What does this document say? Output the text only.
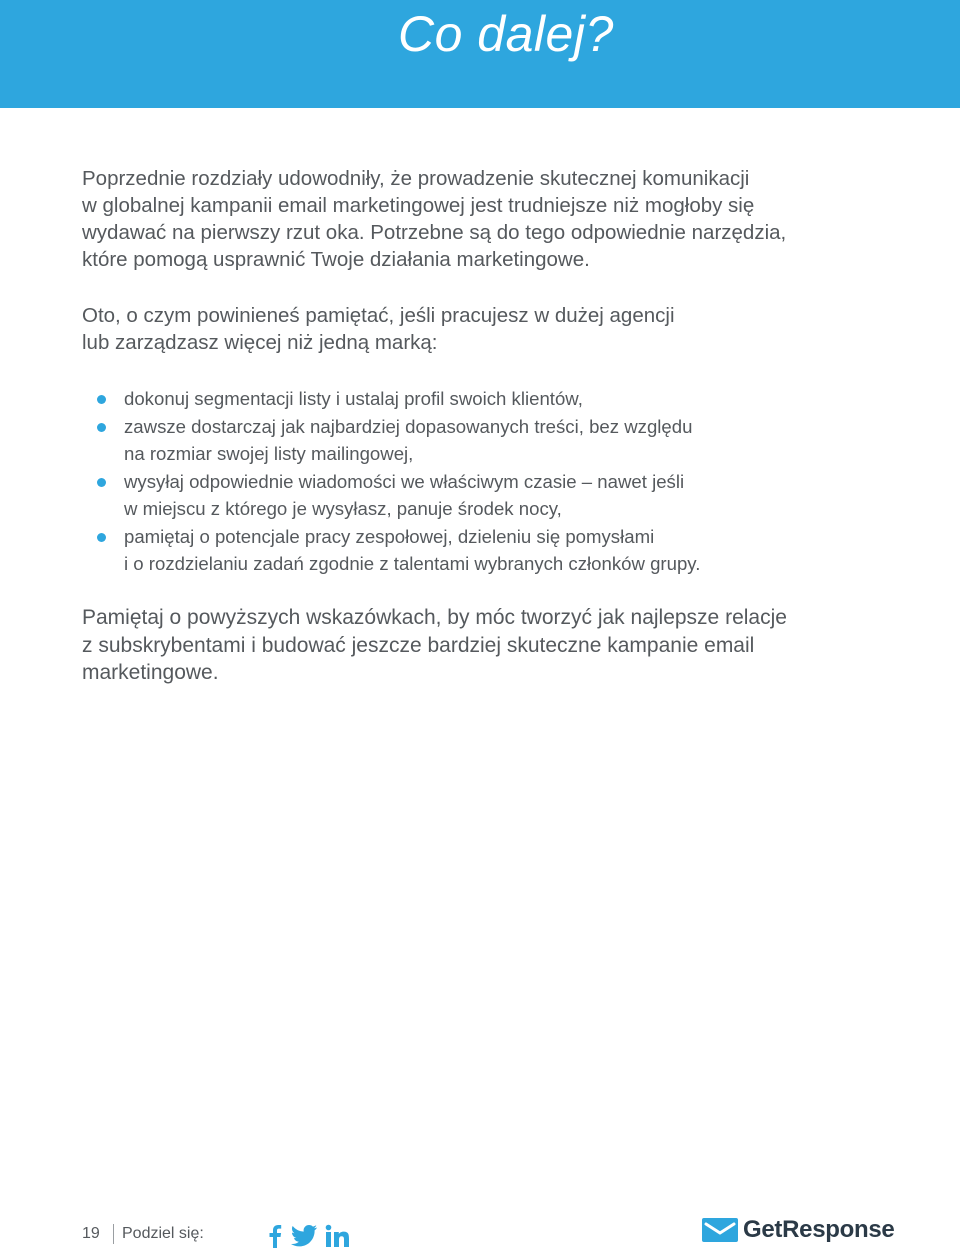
Co dalej?

Poprzednie rozdziały udowodniły, że prowadzenie skutecznej komunikacji
w globalnej kampanii email marketingowej jest trudniejsze niż mogłoby się
wydawać na pierwszy rzut oka. Potrzebne są do tego odpowiednie narzędzia,
które pomogą usprawnić Twoje działania marketingowe.

Oto, o czym powinieneś pamiętać, jeśli pracujesz w dużej agencji
lub zarządzasz więcej niż jedną marką:

dokonuj segmentacji listy i ustalaj profil swoich klientów,
zawsze dostarczaj jak najbardziej dopasowanych treści, bez względu
na rozmiar swojej listy mailingowej,
wysyłaj odpowiednie wiadomości we właściwym czasie – nawet jeśli
w miejscu z którego je wysyłasz, panuje środek nocy,
pamiętaj o potencjale pracy zespołowej, dzieleniu się pomysłami
i o rozdzielaniu zadań zgodnie z talentami wybranych członków grupy.

Pamiętaj o powyższych wskazówkach, by móc tworzyć jak najlepsze relacje
z subskrybentami i budować jeszcze bardziej skuteczne kampanie email
marketingowe.

19 Podziel się:	GetResponse
